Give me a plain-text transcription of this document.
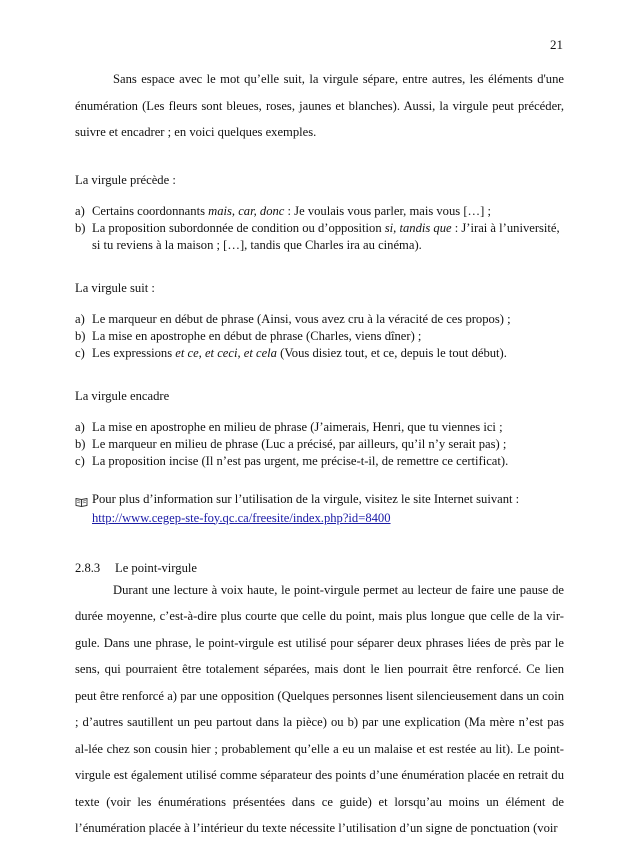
21

Sans espace avec le mot qu’elle suit, la virgule sépare, entre autres, les éléments d'une énumération (Les fleurs sont bleues, roses, jaunes et blanches). Aussi, la virgule peut précéder, suivre et encadrer ; en voici quelques exemples.

La virgule précède :
a) Certains coordonnants mais, car, donc : Je voulais vous parler, mais vous […] ;
b) La proposition subordonnée de condition ou d’opposition si, tandis que : J’irai à l’université, si tu reviens à la maison ; […], tandis que Charles ira au cinéma).
La virgule suit :
a) Le marqueur en début de phrase (Ainsi, vous avez cru à la véracité de ces propos) ;
b) La mise en apostrophe en début de phrase (Charles, viens dîner) ;
c) Les expressions et ce, et ceci, et cela (Vous disiez tout, et ce, depuis le tout début).
La virgule encadre
a) La mise en apostrophe en milieu de phrase (J’aimerais, Henri, que tu viennes ici ;
b) Le marqueur en milieu de phrase (Luc a précisé, par ailleurs, qu’il n’y serait pas) ;
c) La proposition incise (Il n’est pas urgent, me précise-t-il, de remettre ce certificat).
Pour plus d’information sur l’utilisation de la virgule, visitez le site Internet suivant :
http://www.cegep-ste-foy.qc.ca/freesite/index.php?id=8400
2.8.3 Le point-virgule

Durant une lecture à voix haute, le point-virgule permet au lecteur de faire une pause de durée moyenne, c’est-à-dire plus courte que celle du point, mais plus longue que celle de la vir-gule. Dans une phrase, le point-virgule est utilisé pour séparer deux phrases liées de près par le sens, qui pourraient être totalement séparées, mais dont le lien pourrait être renforcé. Ce lien peut être renforcé a) par une opposition (Quelques personnes lisent silencieusement dans un coin ; d’autres sautillent un peu partout dans la pièce) ou b) par une explication (Ma mère n’est pas al-lée chez son cousin hier ; probablement qu’elle a eu un malaise et est restée au lit). Le point-virgule est également utilisé comme séparateur des points d’une énumération placée en retrait du texte (voir les énumérations présentées dans ce guide) et lorsqu’au moins un élément de l’énumération placée à l’intérieur du texte nécessite l’utilisation d’un signe de ponctuation (voir
